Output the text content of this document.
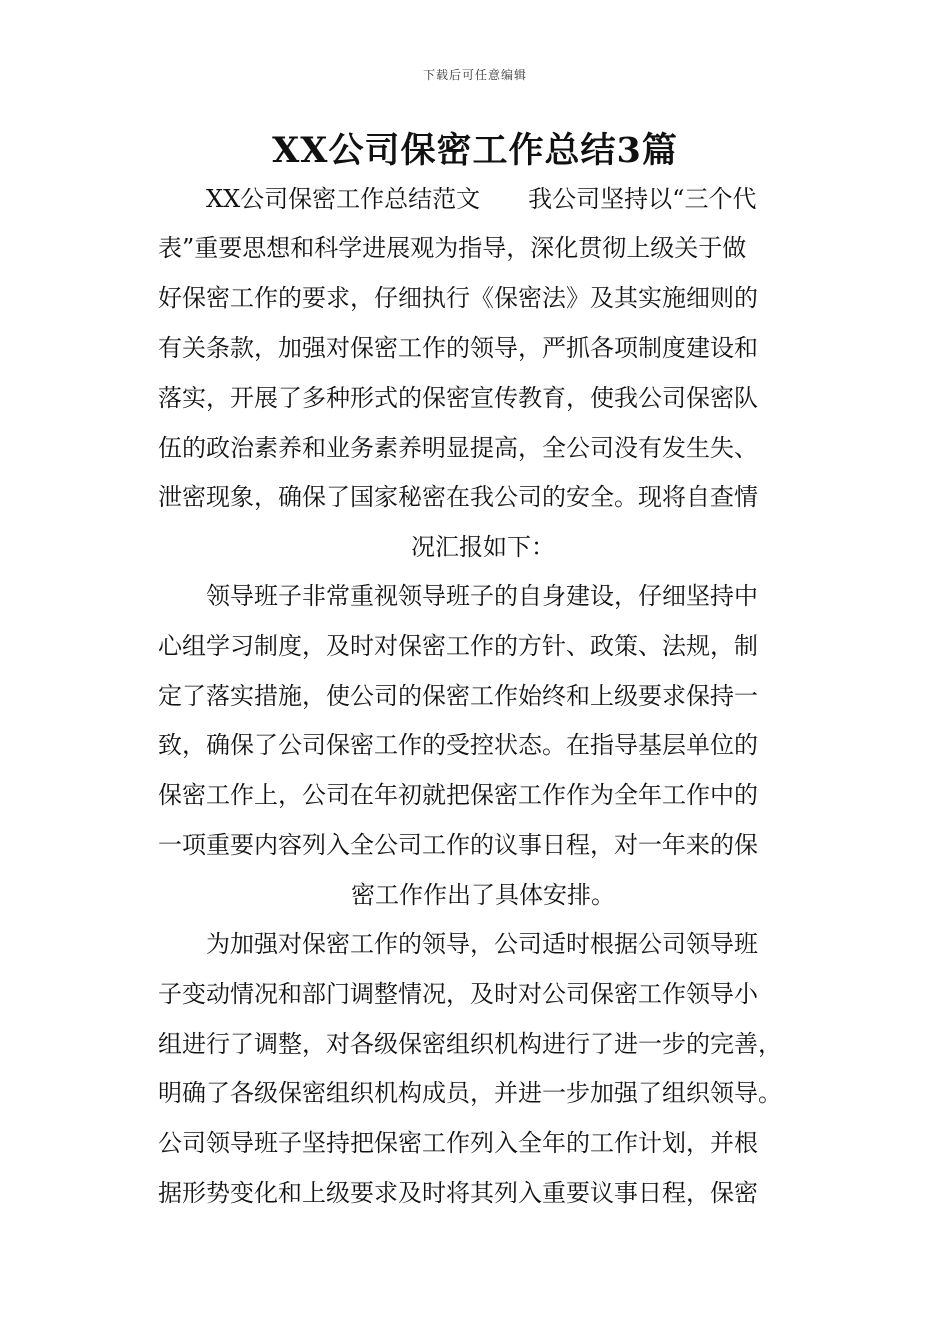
下载后可任意编辑
XX公司保密工作总结3篇
XX公司保密工作总结范文　　我公司坚持以“三个代
表”重要思想和科学进展观为指导，深化贯彻上级关于做
好保密工作的要求，仔细执行《保密法》及其实施细则的
有关条款，加强对保密工作的领导，严抓各项制度建设和
落实，开展了多种形式的保密宣传教育，使我公司保密队
伍的政治素养和业务素养明显提高，全公司没有发生失、
泄密现象，确保了国家秘密在我公司的安全。现将自查情
况汇报如下：
领导班子非常重视领导班子的自身建设，仔细坚持中
心组学习制度，及时对保密工作的方针、政策、法规，制
定了落实措施，使公司的保密工作始终和上级要求保持一
致，确保了公司保密工作的受控状态。在指导基层单位的
保密工作上，公司在年初就把保密工作作为全年工作中的
一项重要内容列入全公司工作的议事日程，对一年来的保
密工作作出了具体安排。
为加强对保密工作的领导，公司适时根据公司领导班
子变动情况和部门调整情况，及时对公司保密工作领导小
组进行了调整，对各级保密组织机构进行了进一步的完善，
明确了各级保密组织机构成员，并进一步加强了组织领导。
公司领导班子坚持把保密工作列入全年的工作计划，并根
据形势变化和上级要求及时将其列入重要议事日程，保密
